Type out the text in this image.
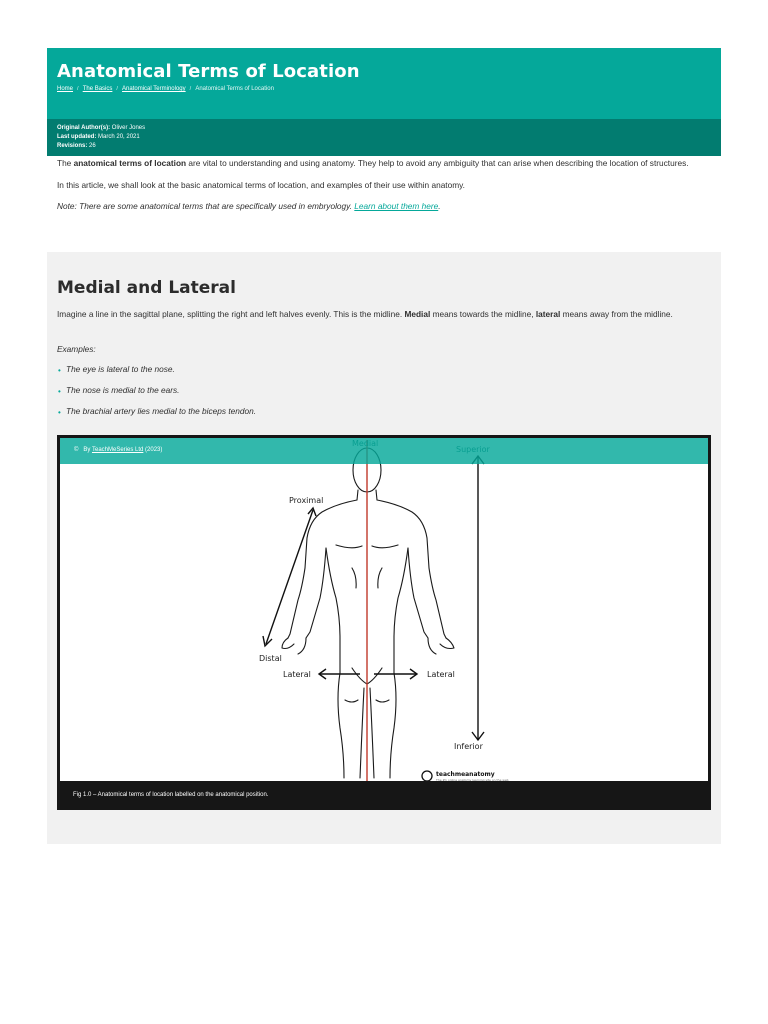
Anatomical Terms of Location
Home / The Basics / Anatomical Terminology / Anatomical Terms of Location
Original Author(s): Oliver Jones
Last updated: March 20, 2021
Revisions: 26

The anatomical terms of location are vital to understanding and using anatomy. They help to avoid any ambiguity that can arise when describing the location of structures.

In this article, we shall look at the basic anatomical terms of location, and examples of their use within anatomy.

Note: There are some anatomical terms that are specifically used in embryology. Learn about them here.

Medial and Lateral

Imagine a line in the sagittal plane, splitting the right and left halves evenly. This is the midline. Medial means towards the midline, lateral means away from the midline.

Examples:
• The eye is lateral to the nose.
• The nose is medial to the ears.
• The brachial artery lies medial to the biceps tendon.
Proximal
Distal
Lateral	Lateral
Inferior
teachmeanatomy
The #1 online anatomy learning site on the web
© By TeachMeSeries Ltd (2023)
Fig 1.0 – Anatomical terms of location labelled on the anatomical position.
